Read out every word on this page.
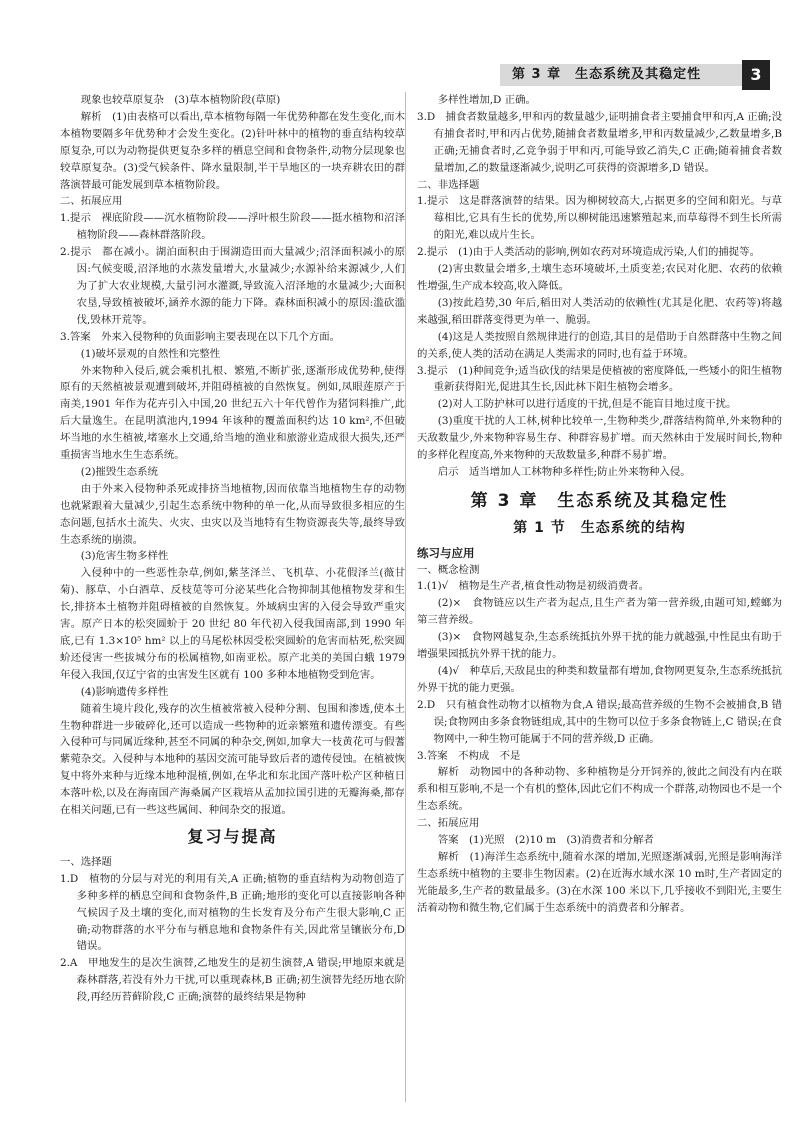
第 3 章　生态系统及其稳定性	3

现象也较草原复杂　(3)草本植物阶段(草原)

解析　(1)由表格可以看出,草本植物每隔一年优势种都在发生变化,而木本植物要隔多年优势种才会发生变化。(2)针叶林中的植物的垂直结构较草原复杂,可以为动物提供更复杂多样的栖息空间和食物条件,动物分层现象也较草原复杂。(3)受气候条件、降水量限制,半干旱地区的一块弃耕农田的群落演替最可能发展到草本植物阶段。

二、拓展应用

1.提示　裸底阶段——沉水植物阶段——浮叶根生阶段——挺水植物和沼泽植物阶段——森林群落阶段。

2.提示　都在减小。湖泊面积由于围湖造田而大量减少;沼泽面积减小的原因:气候变暖,沼泽地的水蒸发量增大,水量减少;水源补给来源减少,人们为了扩大农业规模,大量引河水灌溉,导致流入沼泽地的水量减少;大面积农垦,导致植被破坏,涵养水源的能力下降。森林面积减小的原因:滥砍滥伐,毁林开荒等。

3.答案　外来入侵物种的负面影响主要表现在以下几个方面。

(1)破坏景观的自然性和完整性

外来物种入侵后,就会乘机扎根、繁殖,不断扩张,逐渐形成优势种,使得原有的天然植被景观遭到破坏,并阻碍植被的自然恢复。例如,凤眼莲原产于南美,1901 年作为花卉引入中国,20 世纪五六十年代曾作为猪饲料推广,此后大量逸生。在昆明滇池内,1994 年该种的覆盖面积约达 10 km²,不但破坏当地的水生植被,堵塞水上交通,给当地的渔业和旅游业造成很大损失,还严重损害当地水生生态系统。

(2)摧毁生态系统

由于外来入侵物种杀死或排挤当地植物,因而依靠当地植物生存的动物也就紧跟着大量减少,引起生态系统中物种的单一化,从而导致很多相应的生态问题,包括水土流失、火灾、虫灾以及当地特有生物资源丧失等,最终导致生态系统的崩溃。

(3)危害生物多样性

入侵种中的一些恶性杂草,例如,紫茎泽兰、飞机草、小花假泽兰(薇甘菊)、豚草、小白酒草、反枝苋等可分泌某些化合物抑制其他植物发芽和生长,排挤本土植物并阻碍植被的自然恢复。外域病虫害的入侵会导致严重灾害。原产日本的松突圆蚧于 20 世纪 80 年代初入侵我国南部,到 1990 年底,已有 1.3×10⁵ hm² 以上的马尾松林因受松突圆蚧的危害而枯死,松突圆蚧还侵害一些拔城分布的松属植物,如南亚松。原产北美的美国白蛾 1979 年侵入我国,仅辽宁省的虫害发生区就有 100 多种本地植物受到危害。

(4)影响遗传多样性

随着生境片段化,残存的次生植被常被入侵种分割、包围和渗透,使本土生物种群进一步破碎化,还可以造成一些物种的近亲繁殖和遗传漂变。有些入侵种可与同属近缘种,甚至不同属的种杂交,例如,加拿大一枝黄花可与假蓍紫菀杂交。入侵种与本地种的基因交流可能导致后者的遗传侵蚀。在植被恢复中将外来种与近缘本地种混植,例如,在华北和东北国产落叶松产区种植日本落叶松,以及在海南国产海桑属产区栽培从孟加拉国引进的无瓣海桑,都存在相关问题,已有一些这些属间、种间杂交的报道。

复习与提高

一、选择题

1.D　植物的分层与对光的利用有关,A 正确;植物的垂直结构为动物创造了多种多样的栖息空间和食物条件,B 正确;地形的变化可以直接影响各种气候因子及土壤的变化,而对植物的生长发育及分布产生很大影响,C 正确;动物群落的水平分布与栖息地和食物条件有关,因此常呈镶嵌分布,D 错误。

2.A　甲地发生的是次生演替,乙地发生的是初生演替,A 错误;甲地原来就是森林群落,若没有外力干扰,可以重现森林,B 正确;初生演替先经历地衣阶段,再经历苔藓阶段,C 正确;演替的最终结果是物种

多样性增加,D 正确。

3.D　捕食者数量越多,甲和丙的数量越少,证明捕食者主要捕食甲和丙,A 正确;没有捕食者时,甲和丙占优势,随捕食者数量增多,甲和丙数量减少,乙数量增多,B 正确;无捕食者时,乙竞争弱于甲和丙,可能导致乙消失,C 正确;随着捕食者数量增加,乙的数量逐渐减少,说明乙可获得的资源增多,D 错误。

二、非选择题

1.提示　这是群落演替的结果。因为柳树较高大,占据更多的空间和阳光。与草莓相比,它具有生长的优势,所以柳树能迅速繁殖起来,而草莓得不到生长所需的阳光,难以成片生长。

2.提示　(1)由于人类活动的影响,例如农药对环境造成污染,人们的捕捉等。

(2)害虫数量会增多,土壤生态环境破坏,土质变差;农民对化肥、农药的依赖性增强,生产成本较高,收入降低。

(3)按此趋势,30 年后,稻田对人类活动的依赖性(尤其是化肥、农药等)将越来越强,稻田群落变得更为单一、脆弱。

(4)这是人类按照自然规律进行的创造,其目的是借助于自然群落中生物之间的关系,使人类的活动在满足人类需求的同时,也有益于环境。

3.提示　(1)种间竞争;适当砍伐的结果是使植被的密度降低,一些矮小的阳生植物重新获得阳光,促进其生长,因此林下阳生植物会增多。

(2)对人工防护林可以进行适度的干扰,但是不能盲目地过度干扰。

(3)重度干扰的人工林,树种比较单一,生物种类少,群落结构简单,外来物种的天敌数量少,外来物种容易生存、种群容易扩增。而天然林由于发展时间长,物种的多样化程度高,外来物种的天敌数量多,种群不易扩增。

启示　适当增加人工林物种多样性;防止外来物种入侵。

第 3 章　生态系统及其稳定性
第 1 节　生态系统的结构

练习与应用

一、概念检测

1.(1)√　植物是生产者,植食性动物是初级消费者。

(2)×　食物链应以生产者为起点,且生产者为第一营养级,由题可知,螳螂为第三营养级。

(3)×　食物网越复杂,生态系统抵抗外界干扰的能力就越强,中性昆虫有助于增强果园抵抗外界干扰的能力。

(4)√　种草后,天敌昆虫的种类和数量都有增加,食物网更复杂,生态系统抵抗外界干扰的能力更强。

2.D　只有植食性动物才以植物为食,A 错误;最高营养级的生物不会被捕食,B 错误;食物网由多条食物链组成,其中的生物可以位于多条食物链上,C 错误;在食物网中,一种生物可能属于不同的营养级,D 正确。

3.答案　不构成　不是

解析　动物园中的各种动物、多种植物是分开饲养的,彼此之间没有内在联系和相互影响,不是一个有机的整体,因此它们不构成一个群落,动物园也不是一个生态系统。

二、拓展应用

答案　(1)光照　(2)10 m　(3)消费者和分解者

解析　(1)海洋生态系统中,随着水深的增加,光照逐渐减弱,光照是影响海洋生态系统中植物的主要非生物因素。(2)在近海水域水深 10 m时,生产者固定的光能最多,生产者的数量最多。(3)在水深 100 米以下,几乎接收不到阳光,主要生活着动物和微生物,它们属于生态系统中的消费者和分解者。
